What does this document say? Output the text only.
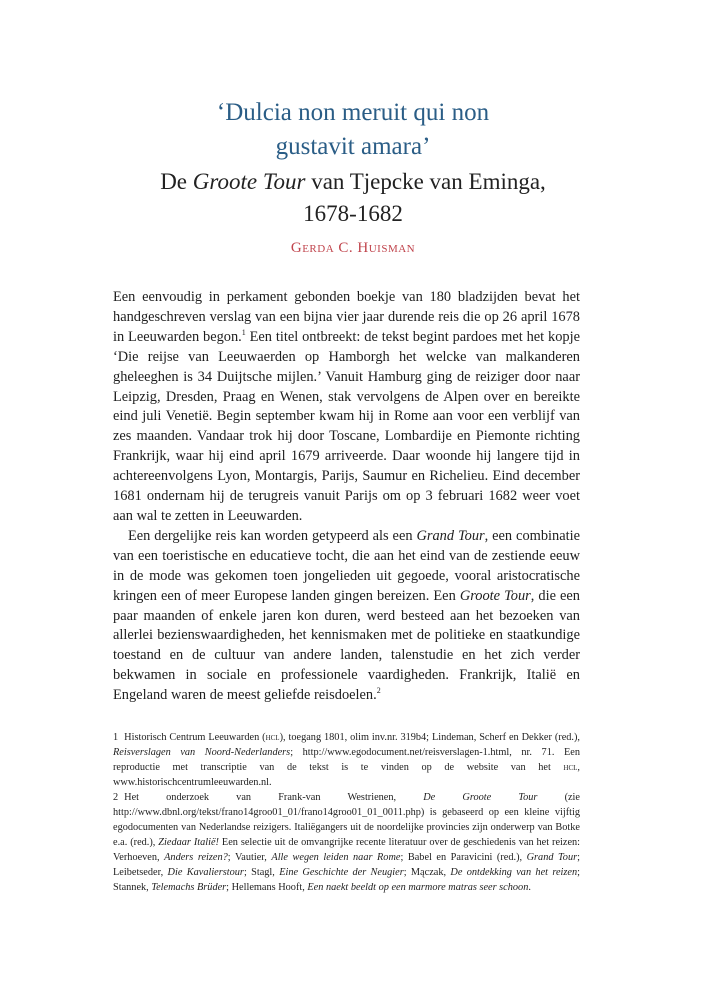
‘Dulcia non meruit qui non
gustavit amara’
De Groote Tour van Tjepcke van Eminga,
1678-1682
Gerda C. Huisman

Een eenvoudig in perkament gebonden boekje van 180 bladzijden bevat het handgeschreven verslag van een bijna vier jaar durende reis die op 26 april 1678 in Leeuwarden begon.$^1$ Een titel ontbreekt: de tekst begint pardoes met het kopje ‘Die reijse van Leeuwaerden op Hamborgh het welcke van malkanderen gheleeghen is 34 Duijtsche mijlen.’ Vanuit Hamburg ging de reiziger door naar Leipzig, Dresden, Praag en Wenen, stak vervolgens de Alpen over en bereikte eind juli Venetië. Begin september kwam hij in Rome aan voor een verblijf van zes maanden. Vandaar trok hij door Toscane, Lombardije en Piemonte richting Frankrijk, waar hij eind april 1679 arriveerde. Daar woonde hij langere tijd in achtereenvolgens Lyon, Montargis, Parijs, Saumur en Richelieu. Eind december 1681 ondernam hij de terugreis vanuit Parijs om op 3 februari 1682 weer voet aan wal te zetten in Leeuwarden.

Een dergelijke reis kan worden getypeerd als een Grand Tour, een combinatie van een toeristische en educatieve tocht, die aan het eind van de zestiende eeuw in de mode was gekomen toen jongelieden uit gegoede, vooral aristocratische kringen een of meer Europese landen gingen bereizen. Een Groote Tour, die een paar maanden of enkele jaren kon duren, werd besteed aan het bezoeken van allerlei bezienswaardigheden, het kennismaken met de politieke en staatkundige toestand en de cultuur van andere landen, talenstudie en het zich verder bekwamen in sociale en professionele vaardigheden. Frankrijk, Italië en Engeland waren de meest geliefde reisdoelen.$^2$

1 Historisch Centrum Leeuwarden (hcl), toegang 1801, olim inv.nr. 319b4; Lindeman, Scherf en Dekker (red.), Reisverslagen van Noord-Nederlanders; http://www.egodocument.net/reisverslagen-1.html, nr. 71. Een reproductie met transcriptie van de tekst is te vinden op de website van het hcl, www.historischcentrumleeuwarden.nl.

2 Het onderzoek van Frank-van Westrienen, De Groote Tour (zie http://www.dbnl.org/tekst/frano14groo01_01/frano14groo01_01_0011.php) is gebaseerd op een kleine vijftig egodocumenten van Nederlandse reizigers. Italiëgangers uit de noordelijke provincies zijn onderwerp van Botke e.a. (red.), Ziedaar Italië! Een selectie uit de omvangrijke recente literatuur over de geschiedenis van het reizen: Verhoeven, Anders reizen?; Vautier, Alle wegen leiden naar Rome; Babel en Paravicini (red.), Grand Tour; Leibetseder, Die Kavalierstour; Stagl, Eine Geschichte der Neugier; Mączak, De ontdekking van het reizen; Stannek, Telemachs Brüder; Hellemans Hooft, Een naekt beeldt op een marmore matras seer schoon.
